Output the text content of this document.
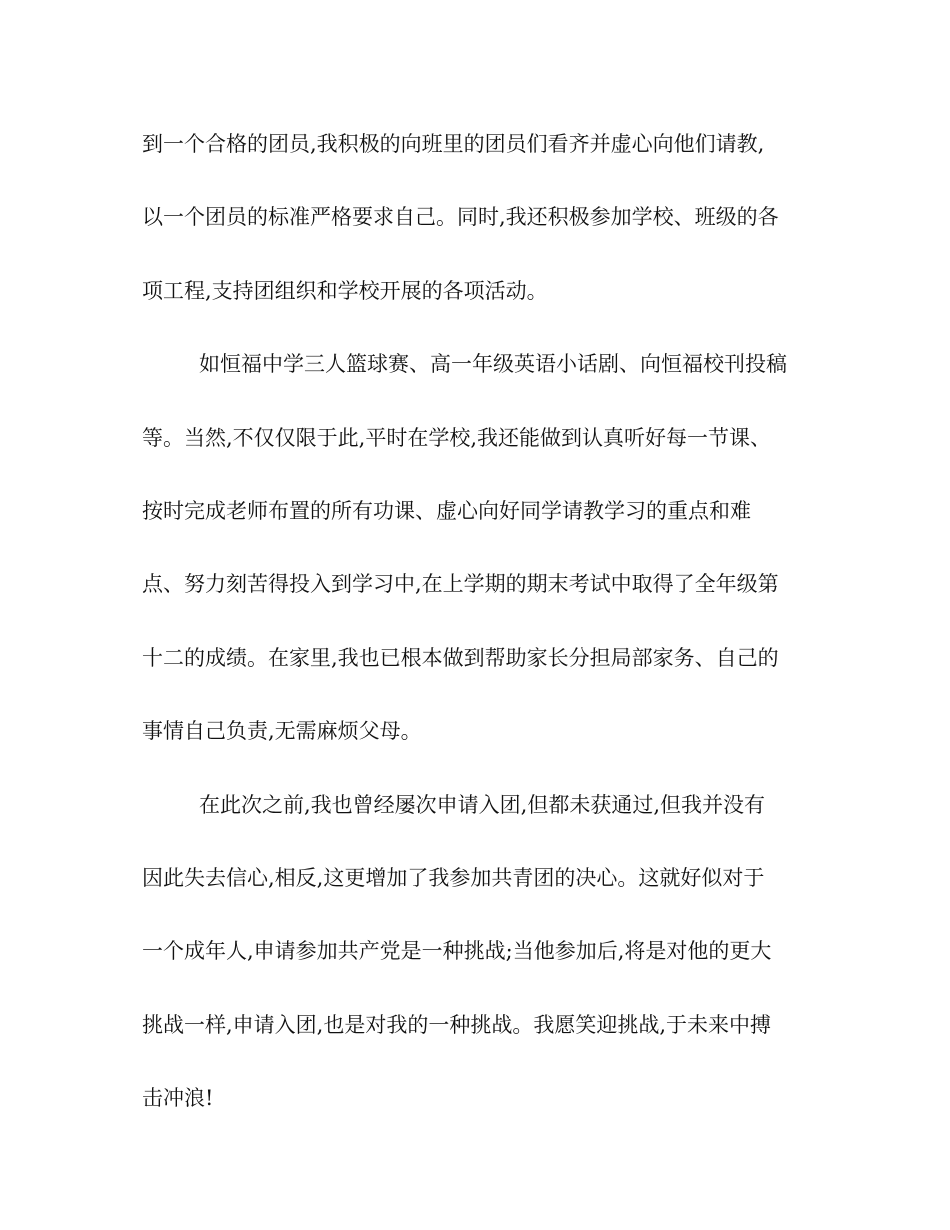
到一个合格的团员,我积极的向班里的团员们看齐并虚心向他们请教,
以一个团员的标准严格要求自己。同时,我还积极参加学校、班级的各
项工程,支持团组织和学校开展的各项活动。
如恒福中学三人篮球赛、高一年级英语小话剧、向恒福校刊投稿
等。当然,不仅仅限于此,平时在学校,我还能做到认真听好每一节课、
按时完成老师布置的所有功课、虚心向好同学请教学习的重点和难
点、努力刻苦得投入到学习中,在上学期的期末考试中取得了全年级第
十二的成绩。在家里,我也已根本做到帮助家长分担局部家务、自己的
事情自己负责,无需麻烦父母。
在此次之前,我也曾经屡次申请入团,但都未获通过,但我并没有
因此失去信心,相反,这更增加了我参加共青团的决心。这就好似对于
一个成年人,申请参加共产党是一种挑战;当他参加后,将是对他的更大
挑战一样,申请入团,也是对我的一种挑战。我愿笑迎挑战,于未来中搏
击冲浪!
